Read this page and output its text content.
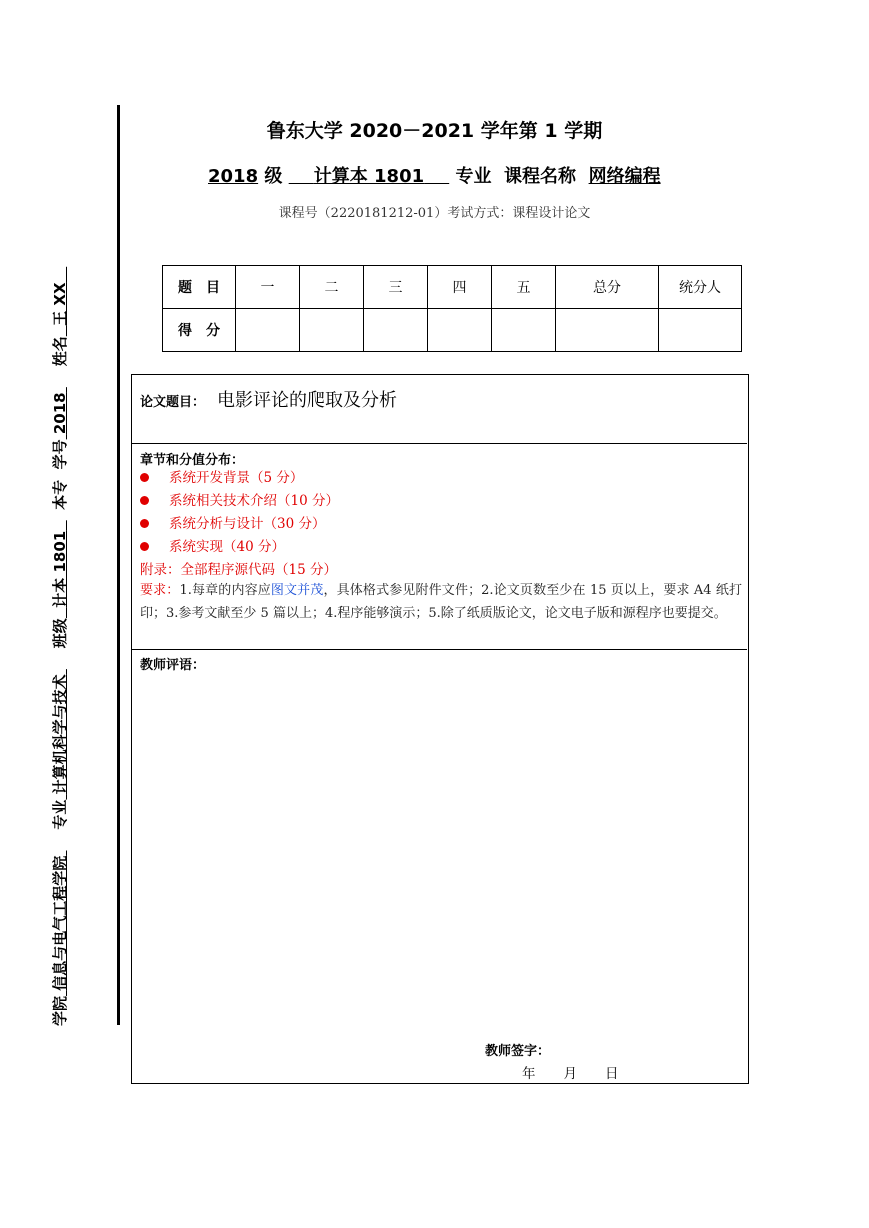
鲁东大学 2020－2021 学年第 1 学期
2018 级 计算本 1801 专业 课程名称 网络编程
课程号（2220181212-01）考试方式：课程设计论文
题　目	一	二	三	四	五	总分	统分人
得　分							
论文题目： 电影评论的爬取及分析
章节和分值分布：
系统开发背景（5 分）
系统相关技术介绍（10 分）
系统分析与设计（30 分）
系统实现（40 分）
附录：全部程序源代码（15 分）
要求：1.每章的内容应图文并茂，具体格式参见附件文件；2.论文页数至少在 15 页以上，要求 A4 纸打印；3.参考文献至少 5 篇以上；4.程序能够演示；5.除了纸质版论文，论文电子版和源程序也要提交。
教师评语：
教师签字：
年 月 日
学院 信息与电气工程学院     专业 计算机科学与技术     班级  计本 1801    本专  学号 2018     姓名  王 XX
